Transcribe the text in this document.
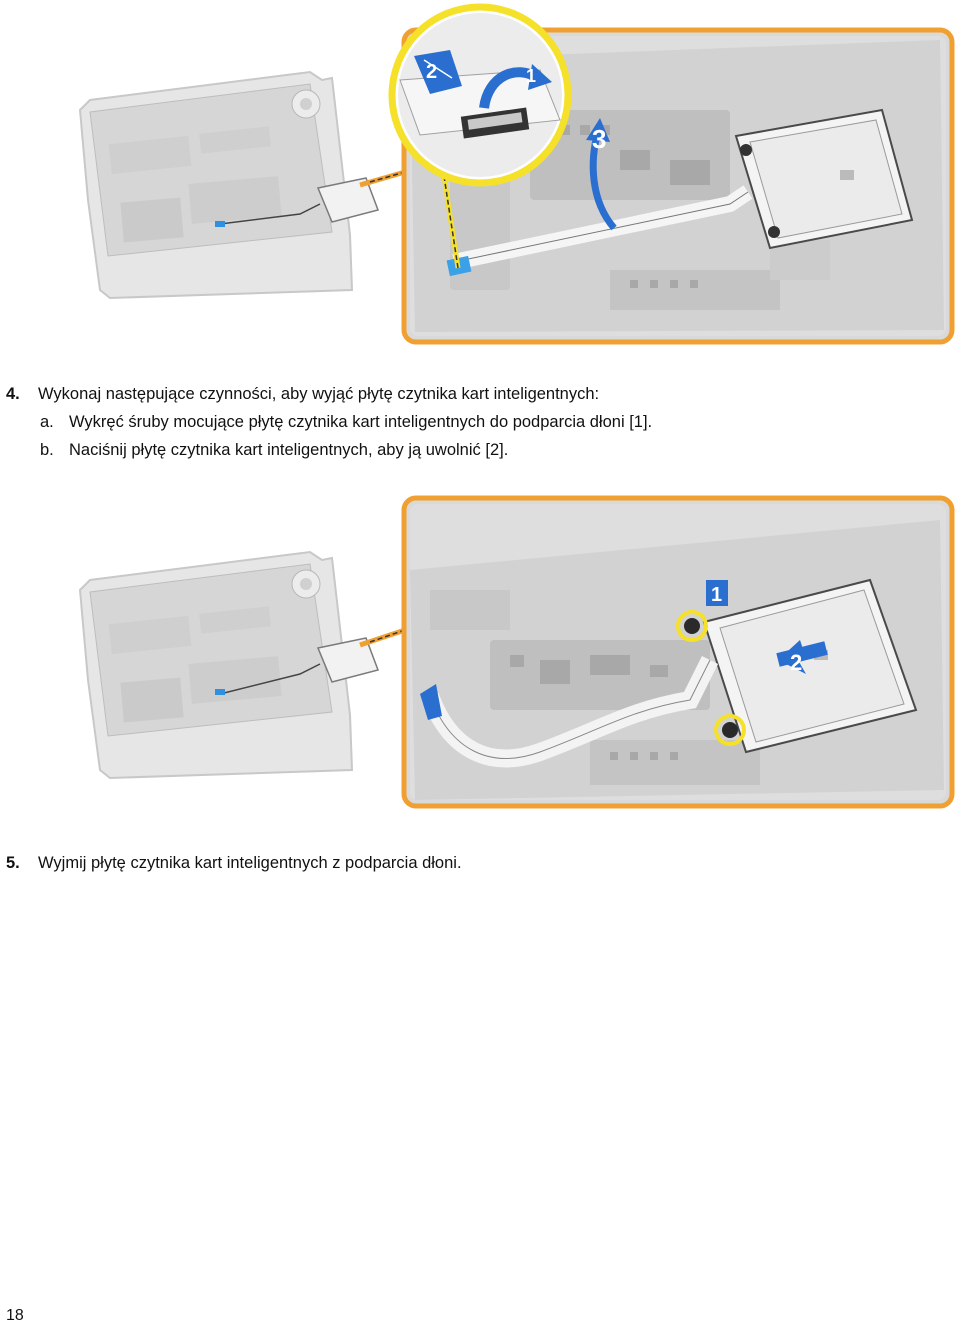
3
1
2
4. Wykonaj następujące czynności, aby wyjąć płytę czytnika kart inteligentnych:
a. Wykręć śruby mocujące płytę czytnika kart inteligentnych do podparcia dłoni [1].
b. Naciśnij płytę czytnika kart inteligentnych, aby ją uwolnić [2].
1
2
5. Wyjmij płytę czytnika kart inteligentnych z podparcia dłoni.
18
